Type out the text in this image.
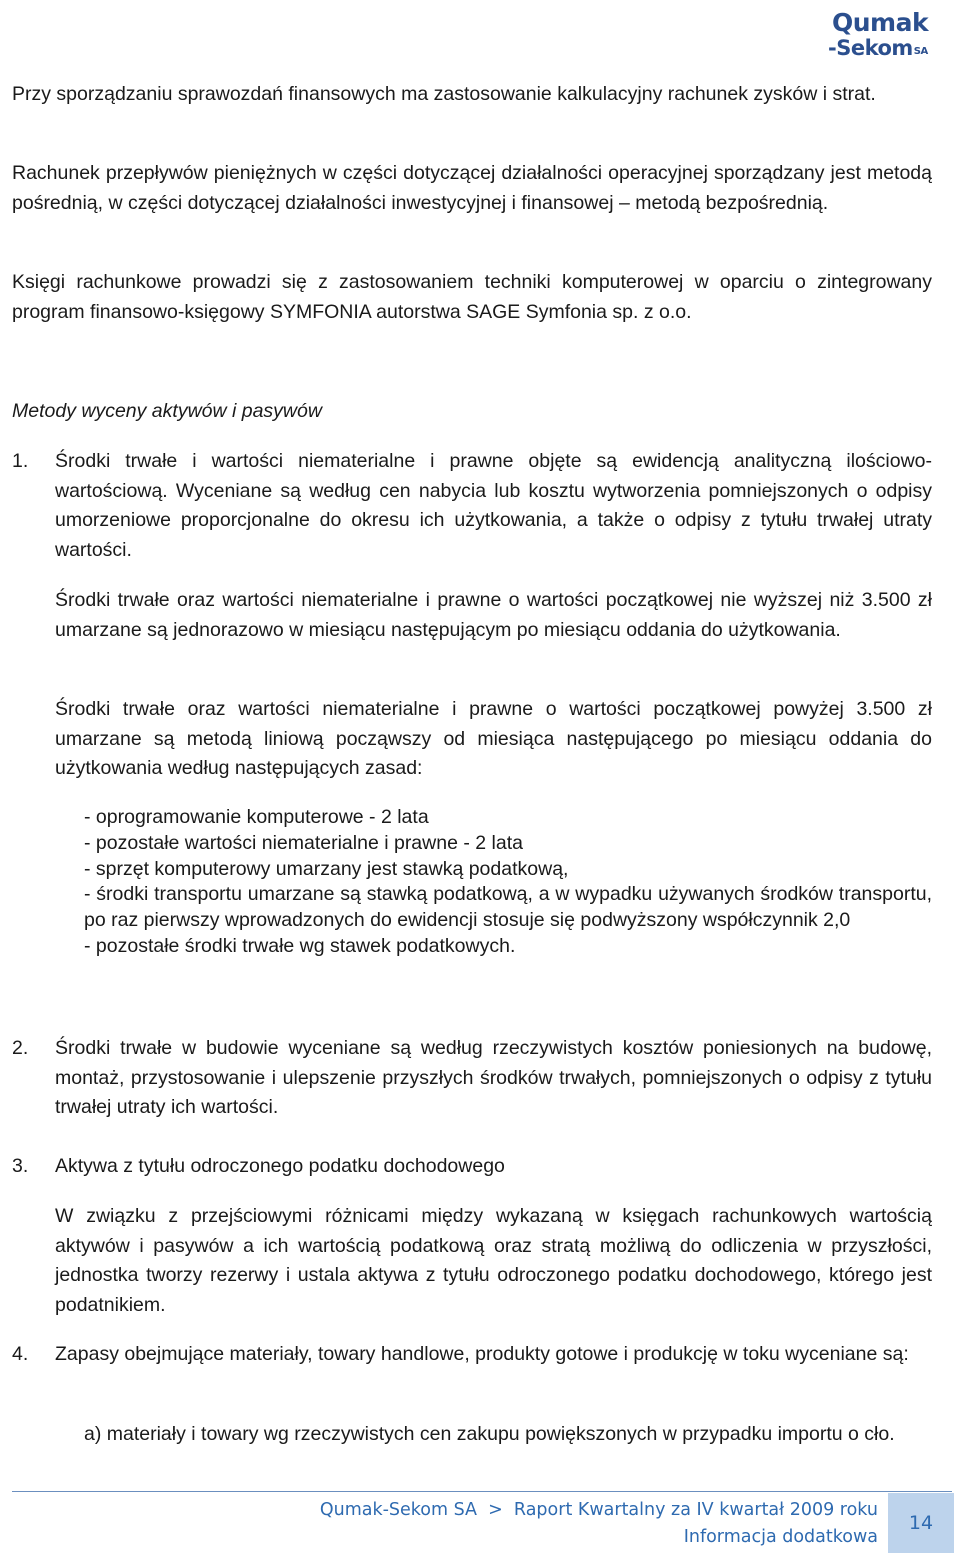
Qumak
-SekomSA
Przy sporządzaniu sprawozdań finansowych ma zastosowanie kalkulacyjny rachunek zysków i strat.
Rachunek przepływów pieniężnych w części dotyczącej działalności operacyjnej sporządzany jest metodą pośrednią, w części dotyczącej działalności inwestycyjnej i finansowej – metodą bezpośrednią.
Księgi rachunkowe prowadzi się z zastosowaniem techniki komputerowej w oparciu o zintegrowany program finansowo-księgowy SYMFONIA autorstwa SAGE Symfonia sp. z o.o.
Metody wyceny aktywów i pasywów
1. Środki trwałe i wartości niematerialne i prawne objęte są ewidencją analityczną ilościowo-wartościową. Wyceniane są według cen nabycia lub kosztu wytworzenia pomniejszonych o odpisy umorzeniowe proporcjonalne do okresu ich użytkowania, a także o odpisy z tytułu trwałej utraty wartości.
Środki trwałe oraz wartości niematerialne i prawne o wartości początkowej nie wyższej niż 3.500 zł umarzane są jednorazowo w miesiącu następującym po miesiącu oddania do użytkowania.
Środki trwałe oraz wartości niematerialne i prawne o wartości początkowej powyżej 3.500 zł umarzane są metodą liniową począwszy od miesiąca następującego po miesiącu oddania do użytkowania według następujących zasad:
- oprogramowanie komputerowe - 2 lata
- pozostałe wartości niematerialne i prawne - 2 lata
- sprzęt komputerowy umarzany jest stawką podatkową,
- środki transportu umarzane są stawką podatkową, a w wypadku używanych środków transportu, po raz pierwszy wprowadzonych do ewidencji stosuje się podwyższony współczynnik 2,0
- pozostałe środki trwałe wg stawek podatkowych.
2. Środki trwałe w budowie wyceniane są według rzeczywistych kosztów poniesionych na budowę, montaż, przystosowanie i ulepszenie przyszłych środków trwałych, pomniejszonych o odpisy z tytułu trwałej utraty ich wartości.
3. Aktywa z tytułu odroczonego podatku dochodowego
W związku z przejściowymi różnicami między wykazaną w księgach rachunkowych wartością aktywów i pasywów a ich wartością podatkową oraz stratą możliwą do odliczenia w przyszłości, jednostka tworzy rezerwy i ustala aktywa z tytułu odroczonego podatku dochodowego, którego jest podatnikiem.
4. Zapasy obejmujące materiały, towary handlowe, produkty gotowe i produkcję w toku wyceniane są:
a) materiały i towary wg rzeczywistych cen zakupu powiększonych w przypadku importu o cło.
Qumak-Sekom SA  >  Raport Kwartalny za IV kwartał 2009 roku
Informacja dodatkowa
14
